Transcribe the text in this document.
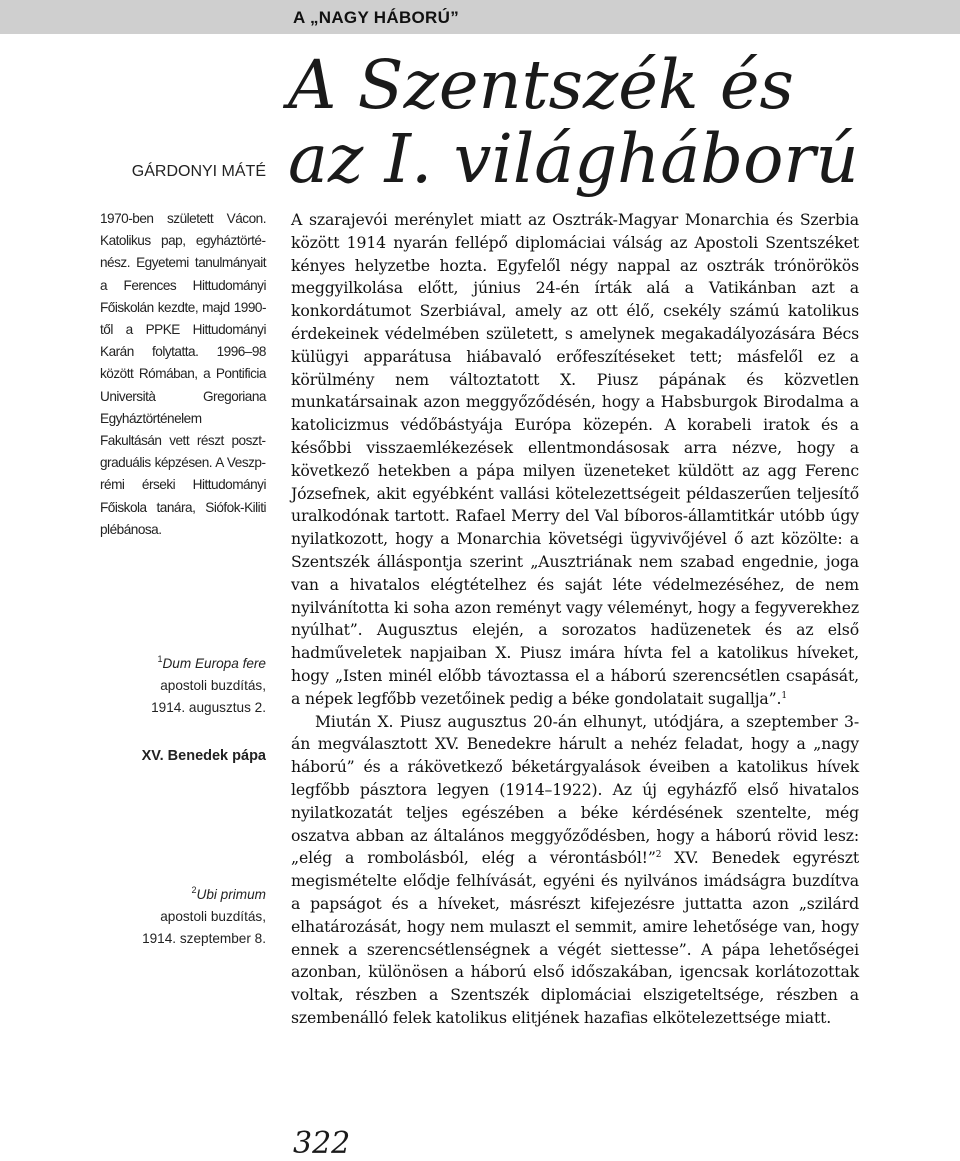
A „NAGY HÁBORÚ”
A Szentszék és
az I. világháború
GÁRDONYI MÁTÉ

1970-ben született Vácon. Katolikus pap, egyháztörténész. Egyetemi tanulmányait a Ferences Hittudományi Főiskolán kezdte, majd 1990-től a PPKE Hittudományi Karán folytatta. 1996–98 között Rómában, a Pontificia Università Gregoriana Egyháztörténelem Fakultásán vett részt posztgraduális képzésen. A Veszprémi érseki Hittudományi Főiskola tanára, Siófok-Kiliti plébánosa.

$^1$Dum Europa fere
apostoli buzdítás,
1914. augusztus 2.
XV. Benedek pápa
$^2$Ubi primum
apostoli buzdítás,
1914. szeptember 8.

A szarajevói merénylet miatt az Osztrák-Magyar Monarchia és Szerbia között 1914 nyarán fellépő diplomáciai válság az Apostoli Szentszéket kényes helyzetbe hozta. Egyfelől négy nappal az osztrák trónörökös meggyilkolása előtt, június 24-én írták alá a Vatikánban azt a konkordátumot Szerbiával, amely az ott élő, csekély számú katolikus érdekeinek védelmében született, s amelynek megakadályozására Bécs külügyi apparátusa hiábavaló erőfeszítéseket tett; másfelől ez a körülmény nem változtatott X. Piusz pápának és közvetlen munkatársainak azon meggyőződésén, hogy a Habsburgok Birodalma a katolicizmus védőbástyája Európa közepén. A korabeli iratok és a későbbi visszaemlékezések ellentmondásosak arra nézve, hogy a következő hetekben a pápa milyen üzeneteket küldött az agg Ferenc Józsefnek, akit egyébként vallási kötelezettségeit példaszerűen teljesítő uralkodónak tartott. Rafael Merry del Val bíboros-államtitkár utóbb úgy nyilatkozott, hogy a Monarchia követségi ügyvivőjével ő azt közölte: a Szentszék álláspontja szerint „Ausztriának nem szabad engednie, joga van a hivatalos elégtételhez és saját léte védelmezéséhez, de nem nyilvánította ki soha azon reményt vagy véleményt, hogy a fegyverekhez nyúlhat”. Augusztus elején, a sorozatos hadüzenetek és az első hadműveletek napjaiban X. Piusz imára hívta fel a katolikus híveket, hogy „Isten minél előbb távoztassa el a háború szerencsétlen csapását, a népek legfőbb vezetőinek pedig a béke gondolatait sugallja”.$^1$

Miután X. Piusz augusztus 20-án elhunyt, utódjára, a szeptember 3-án megválasztott XV. Benedekre hárult a nehéz feladat, hogy a „nagy háború” és a rákövetkező béketárgyalások éveiben a katolikus hívek legfőbb pásztora legyen (1914–1922). Az új egyházfő első hivatalos nyilatkozatát teljes egészében a béke kérdésének szentelte, még oszatva abban az általános meggyőződésben, hogy a háború rövid lesz: „elég a rombolásból, elég a vérontásból!”$^2$ XV. Benedek egyrészt megismételte elődje felhívását, egyéni és nyilvános imádságra buzdítva a papságot és a híveket, másrészt kifejezésre juttatta azon „szilárd elhatározását, hogy nem mulaszt el semmit, amire lehetősége van, hogy ennek a szerencsétlenségnek a végét siettesse”. A pápa lehetőségei azonban, különösen a háború első időszakában, igencsak korlátozottak voltak, részben a Szentszék diplomáciai elszigeteltsége, részben a szembenálló felek katolikus elitjének hazafias elkötelezettsége miatt.

322
